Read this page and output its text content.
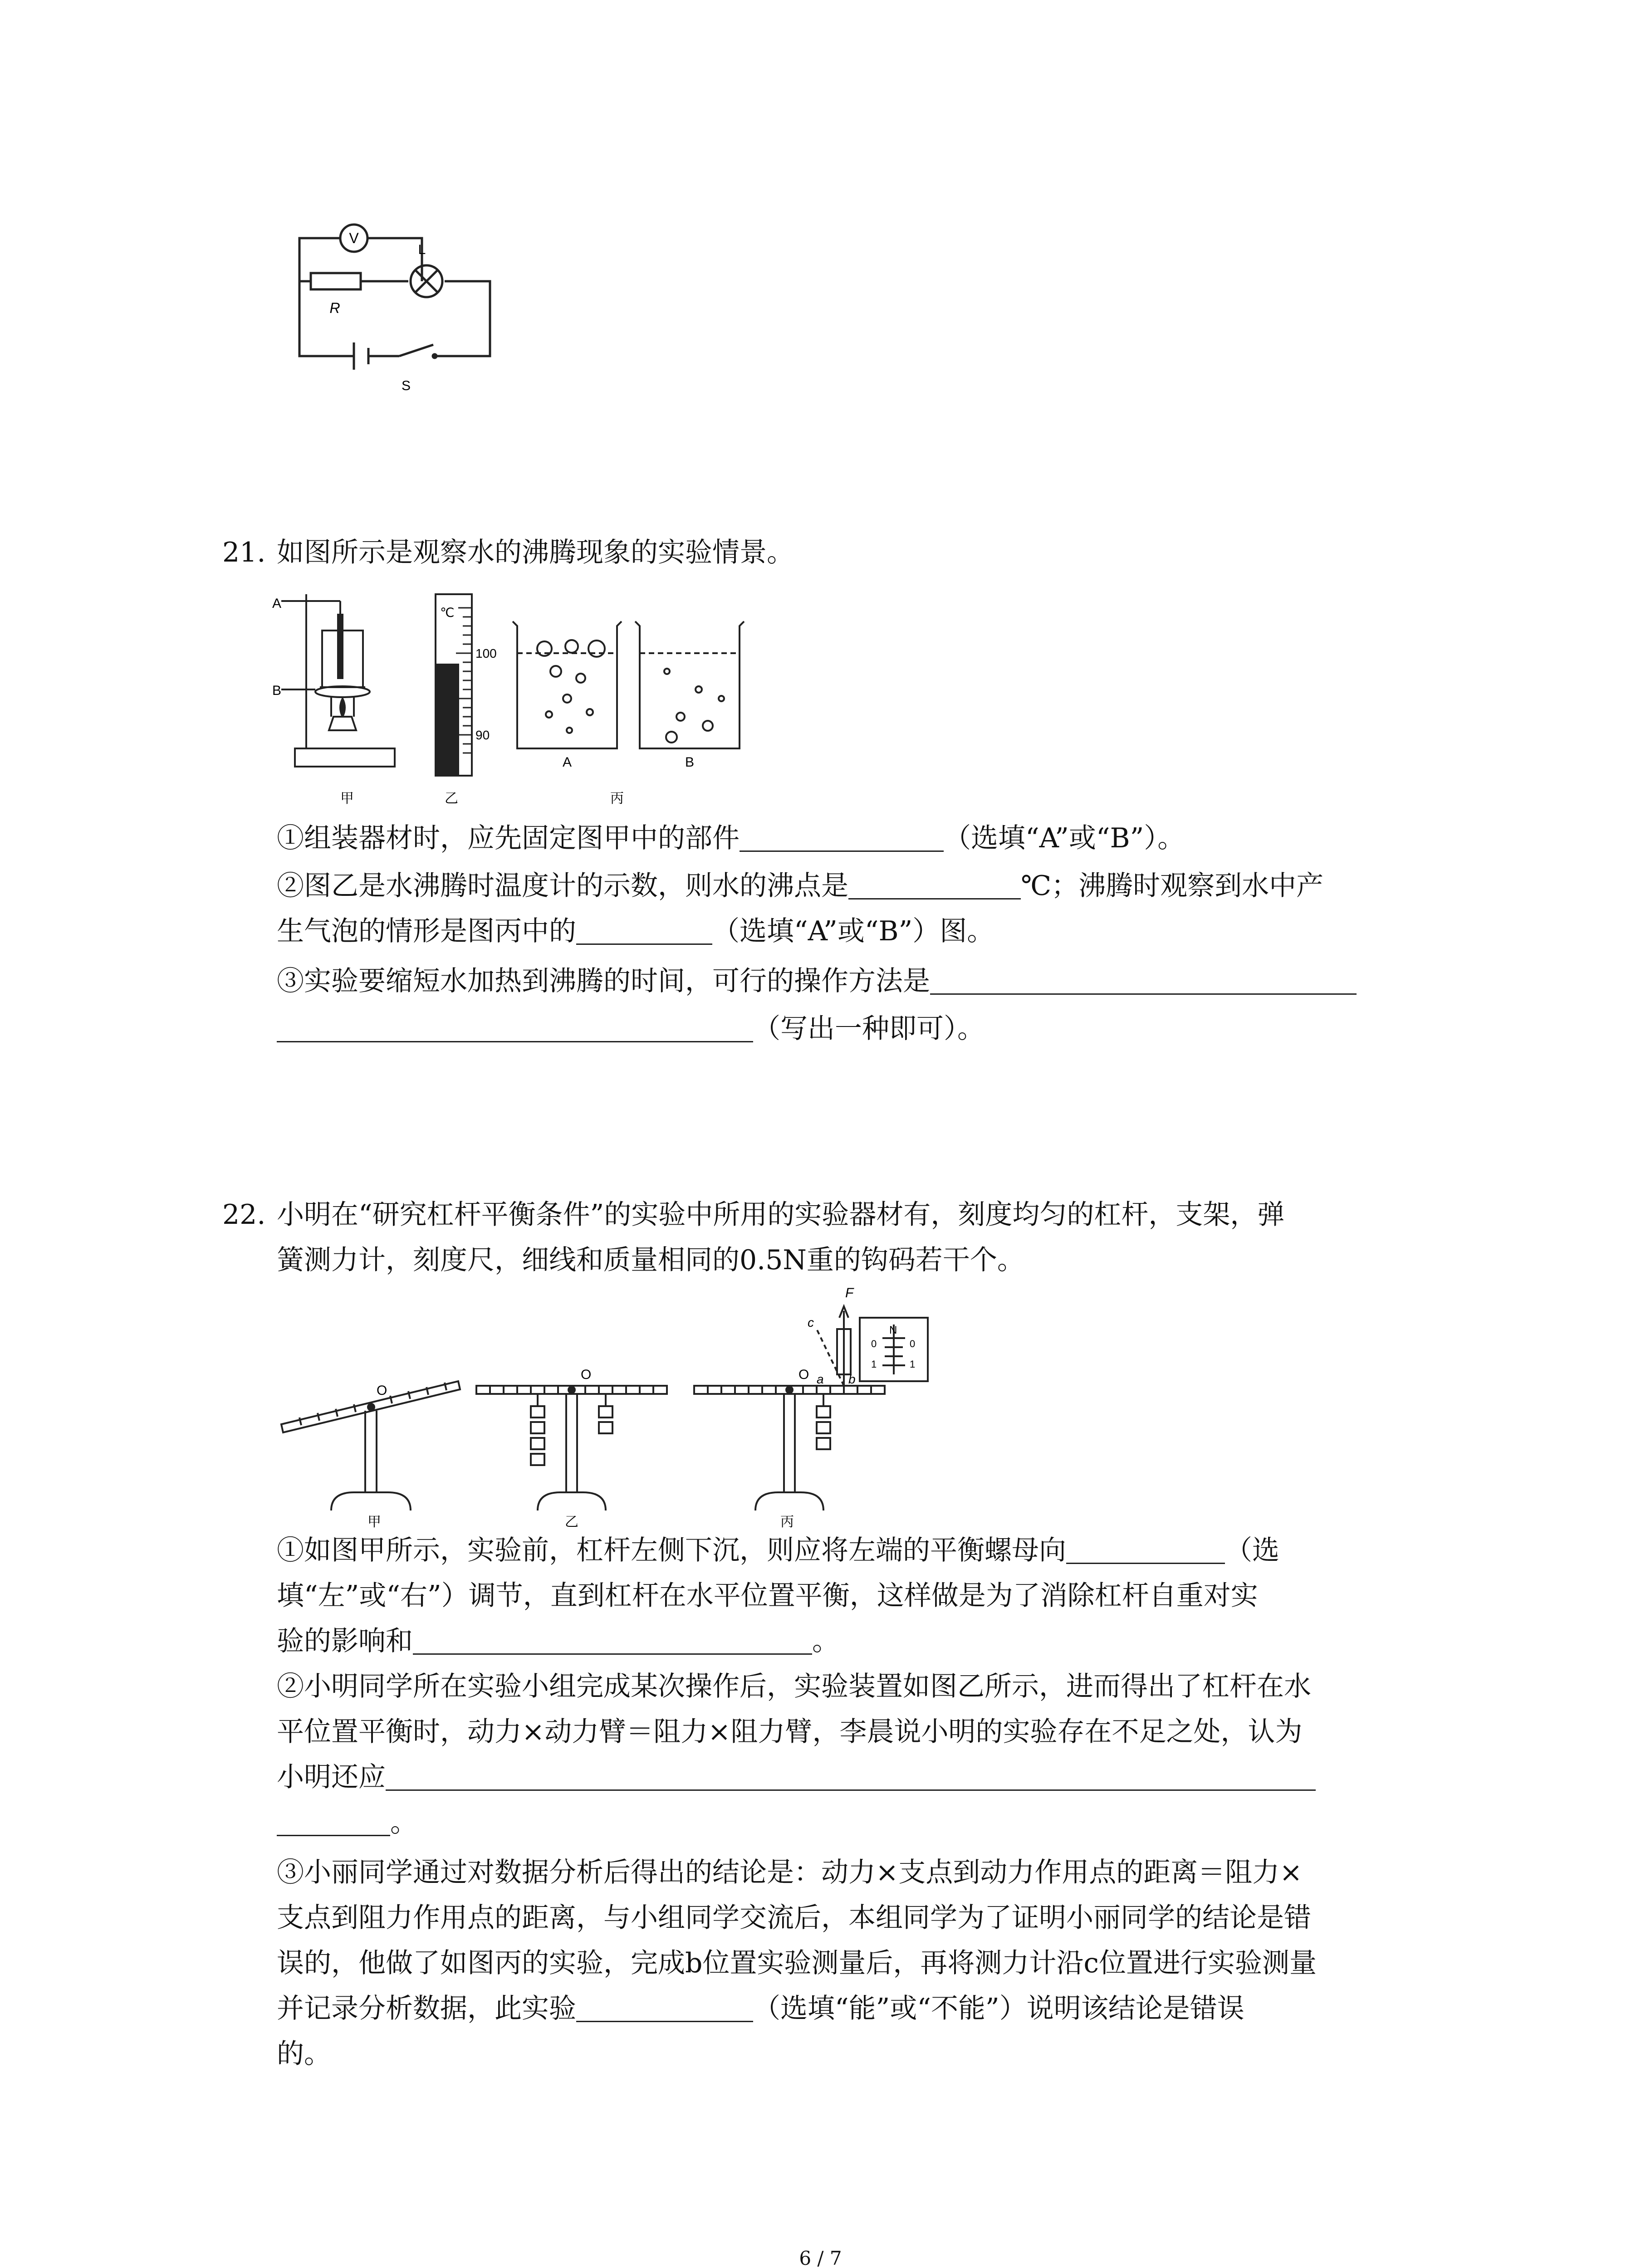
V
L
R
S
21. 如图所示是观察水的沸腾现象的实验情景。
A
B
℃
100
90
A	B
甲	乙	丙
①组装器材时，应先固定图甲中的部件	（选填“A”或“B”）。
②图乙是水沸腾时温度计的示数，则水的沸点是	℃；沸腾时观察到水中产
生气泡的情形是图丙中的	（选填“A”或“B”）图。
③实验要缩短水加热到沸腾的时间，可行的操作方法是
（写出一种即可）。
22. 小明在“研究杠杆平衡条件”的实验中所用的实验器材有，刻度均匀的杠杆，支架，弹
簧测力计，刻度尺，细线和质量相同的0.5N重的钩码若干个。
O
O
F
c
a b
O
N
0	0
1	1
甲	乙	丙
①如图甲所示，实验前，杠杆左侧下沉，则应将左端的平衡螺母向	（选
填“左”或“右”）调节，直到杠杆在水平位置平衡，这样做是为了消除杠杆自重对实
验的影响和	。
②小明同学所在实验小组完成某次操作后，实验装置如图乙所示，进而得出了杠杆在水
平位置平衡时，动力×动力臂＝阻力×阻力臂，李晨说小明的实验存在不足之处，认为
小明还应
。
③小丽同学通过对数据分析后得出的结论是：动力×支点到动力作用点的距离＝阻力×
支点到阻力作用点的距离，与小组同学交流后，本组同学为了证明小丽同学的结论是错
误的，他做了如图丙的实验，完成b位置实验测量后，再将测力计沿c位置进行实验测量
并记录分析数据，此实验	（选填“能”或“不能”）说明该结论是错误
的。
6 / 7
